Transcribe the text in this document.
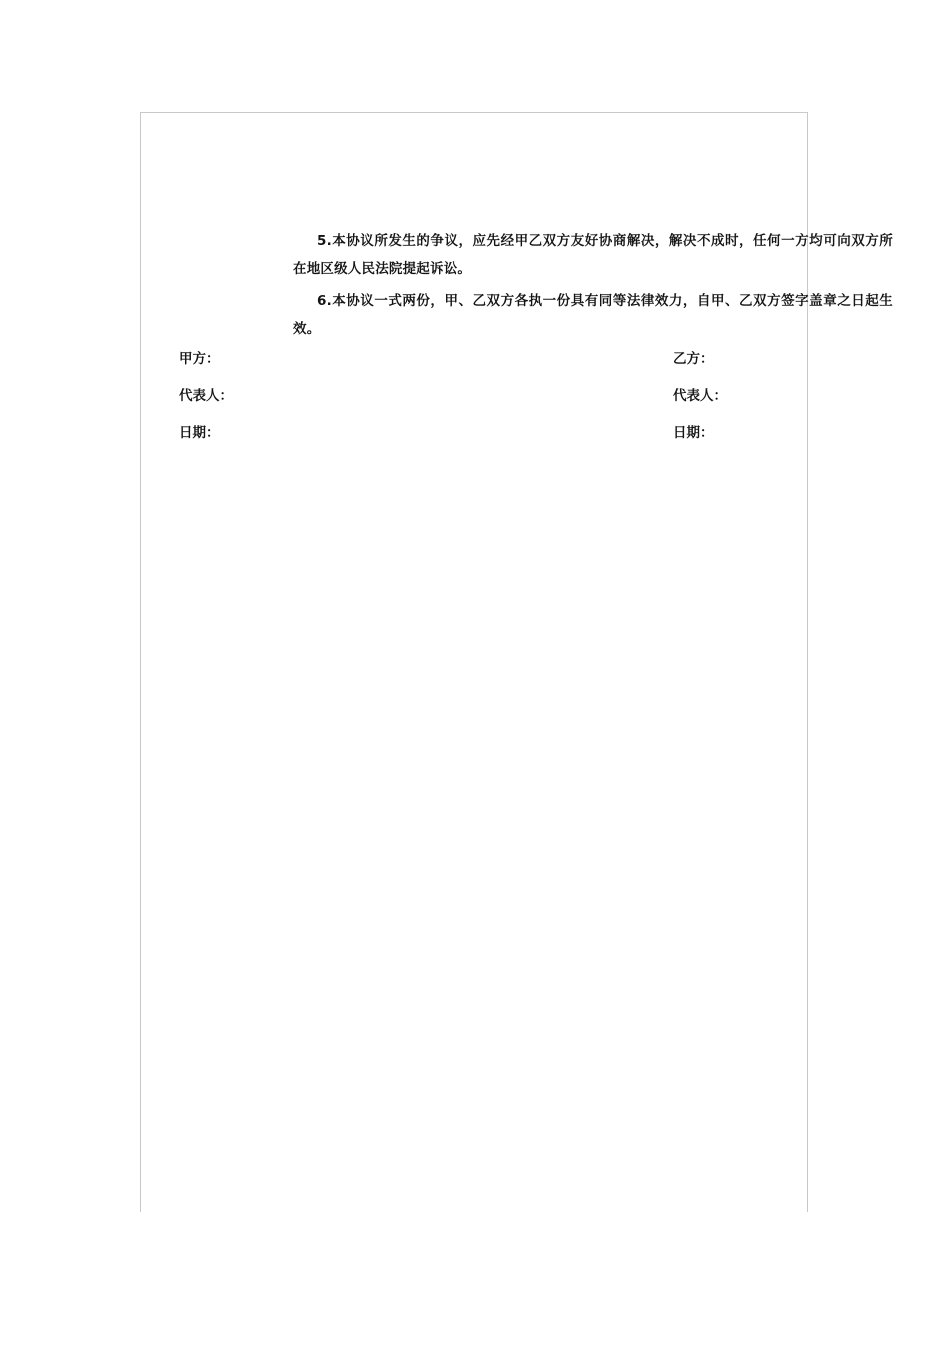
5.本协议所发生的争议，应先经甲乙双方友好协商解决，解决不成时，任何一方均可向双方所在地区级人民法院提起诉讼。
6.本协议一式两份，甲、乙双方各执一份具有同等法律效力，自甲、乙双方签字盖章之日起生效。
甲方：	乙方：
代表人：	代表人：
日期：	日期：
